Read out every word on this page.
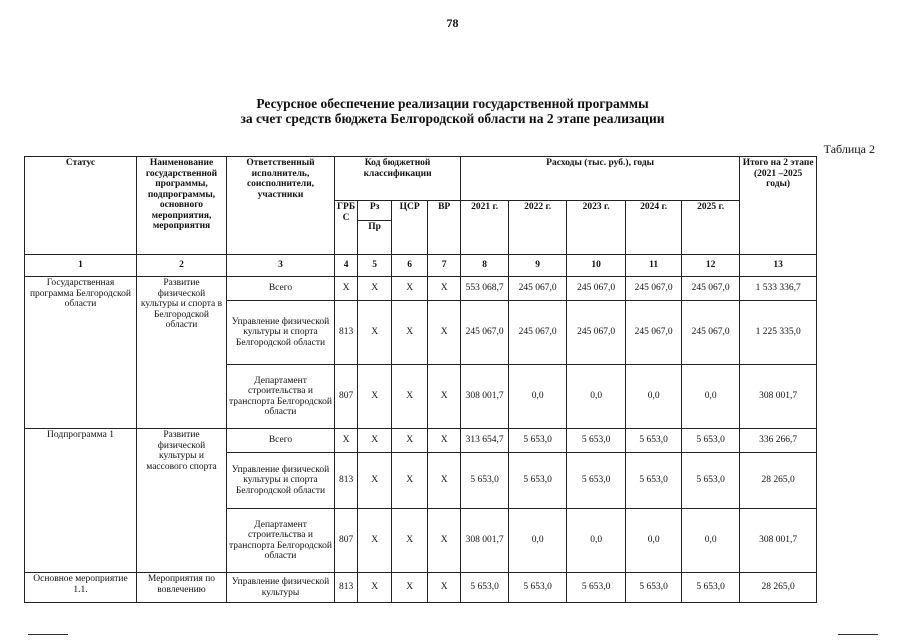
78
Ресурсное обеспечение реализации государственной программы
за счет средств бюджета Белгородской области на 2 этапе реализации
Таблица 2
Статус	Наименование государственной программы, подпрограммы, основного мероприятия, мероприятия	Ответственный исполнитель, соисполнители, участники	Код бюджетной классификации				Расходы (тыс. руб.), годы					Итого на 2 этапе (2021 –2025 годы)
			ГРБ С	Рз	ЦСР	ВР	2021 г.	2022 г.	2023 г.	2024 г.	2025 г.	
				Пр								
1	2	3	4	5	6	7	8	9	10	11	12	13
Государственная программа Белгородской области	Развитие физической культуры и спорта в Белгородской области	Всего	Х	Х	Х	Х	553 068,7	245 067,0	245 067,0	245 067,0	245 067,0	1 533 336,7
		Управление физической культуры и спорта Белгородской области	813	Х	Х	Х	245 067,0	245 067,0	245 067,0	245 067,0	245 067,0	1 225 335,0
		Департамент строительства и транспорта Белгородской области	807	Х	Х	Х	308 001,7	0,0	0,0	0,0	0,0	308 001,7
Подпрограмма 1	Развитие физической культуры и массового спорта	Всего	Х	Х	Х	Х	313 654,7	5 653,0	5 653,0	5 653,0	5 653,0	336 266,7
		Управление физической культуры и спорта Белгородской области	813	Х	Х	Х	5 653,0	5 653,0	5 653,0	5 653,0	5 653,0	28 265,0
		Департамент строительства и транспорта Белгородской области	807	Х	Х	Х	308 001,7	0,0	0,0	0,0	0,0	308 001,7
Основное мероприятие 1.1.	Мероприятия по вовлечению	Управление физической культуры	813	Х	Х	Х	5 653,0	5 653,0	5 653,0	5 653,0	5 653,0	28 265,0
